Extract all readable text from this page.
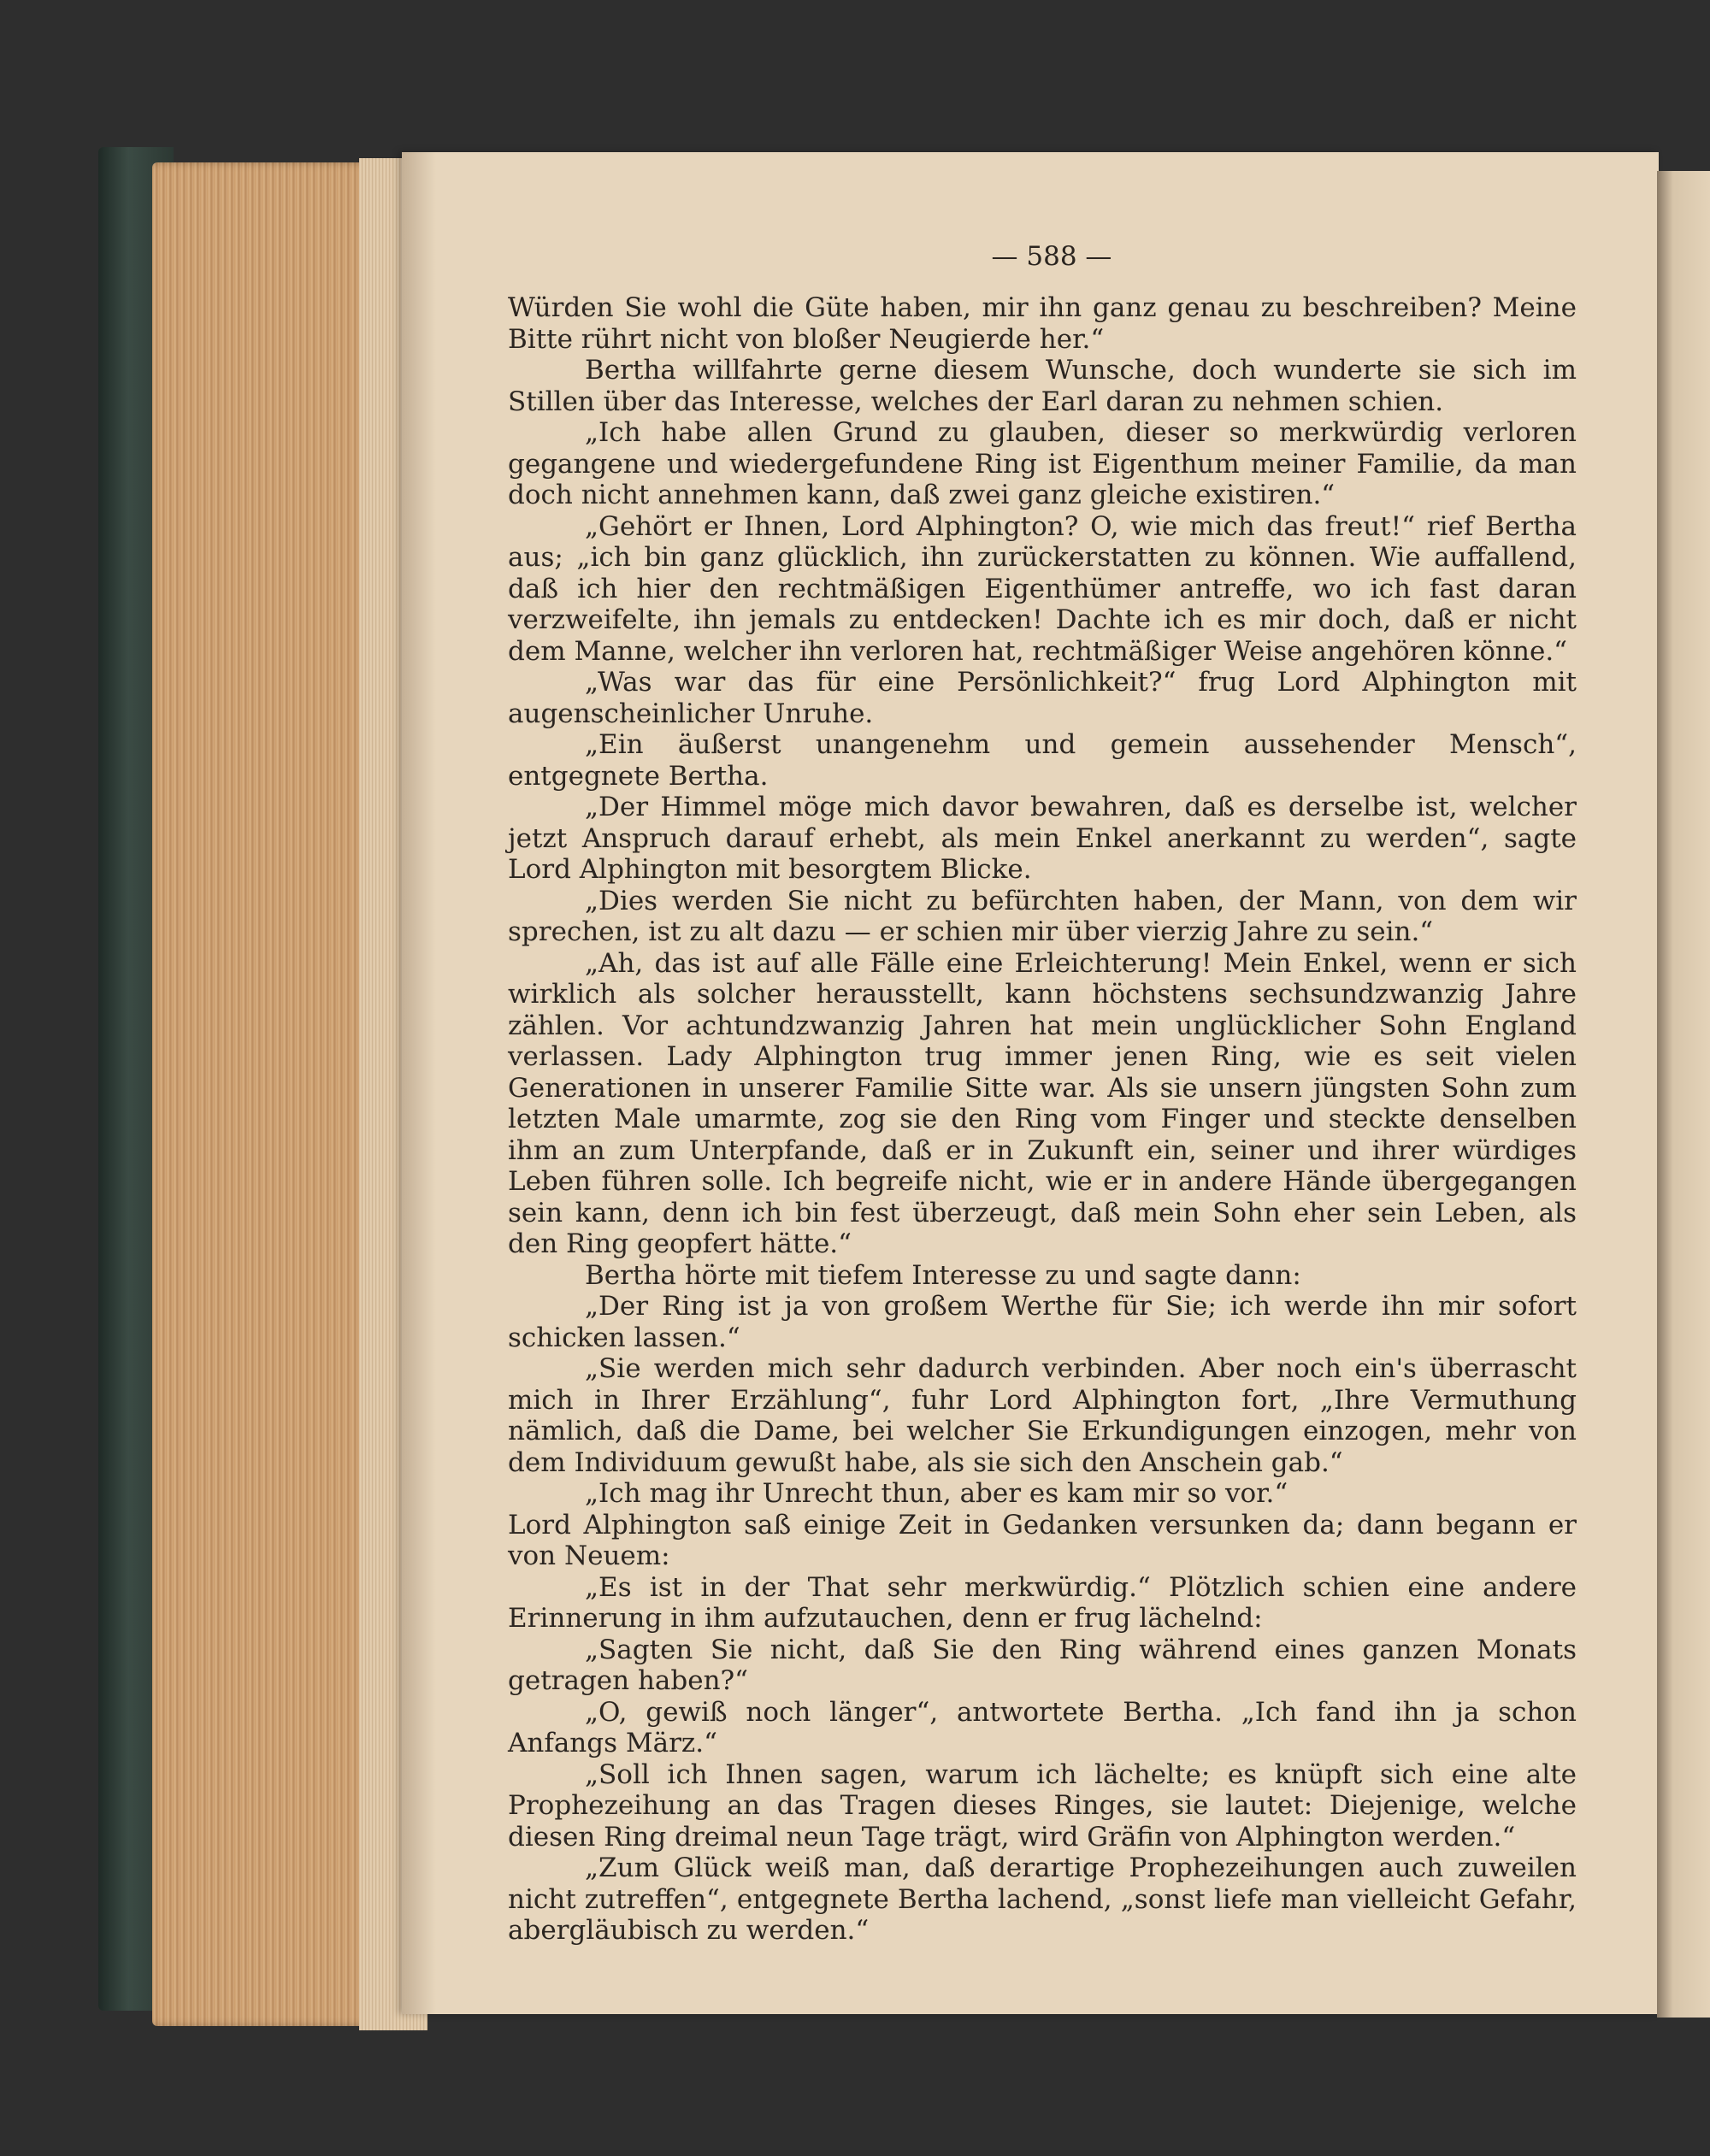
— 588 —

Würden Sie wohl die Güte haben, mir ihn ganz genau zu beschreiben? Meine Bitte rührt nicht von bloßer Neugierde her.“

Bertha willfahrte gerne diesem Wunsche, doch wunderte sie sich im Stillen über das Interesse, welches der Earl daran zu nehmen schien.

„Ich habe allen Grund zu glauben, dieser so merkwürdig verloren gegangene und wiedergefundene Ring ist Eigenthum meiner Familie, da man doch nicht annehmen kann, daß zwei ganz gleiche existiren.“

„Gehört er Ihnen, Lord Alphington? O, wie mich das freut!“ rief Bertha aus; „ich bin ganz glücklich, ihn zurückerstatten zu können. Wie auffallend, daß ich hier den rechtmäßigen Eigenthümer antreffe, wo ich fast daran verzweifelte, ihn jemals zu entdecken! Dachte ich es mir doch, daß er nicht dem Manne, welcher ihn verloren hat, rechtmäßiger Weise angehören könne.“

„Was war das für eine Persönlichkeit?“ frug Lord Alphington mit augenscheinlicher Unruhe.

„Ein äußerst unangenehm und gemein aussehender Mensch“, entgegnete Bertha.

„Der Himmel möge mich davor bewahren, daß es derselbe ist, welcher jetzt Anspruch darauf erhebt, als mein Enkel anerkannt zu werden“, sagte Lord Alphington mit besorgtem Blicke.

„Dies werden Sie nicht zu befürchten haben, der Mann, von dem wir sprechen, ist zu alt dazu — er schien mir über vierzig Jahre zu sein.“

„Ah, das ist auf alle Fälle eine Erleichterung! Mein Enkel, wenn er sich wirklich als solcher herausstellt, kann höchstens sechsundzwanzig Jahre zählen. Vor achtundzwanzig Jahren hat mein unglücklicher Sohn England verlassen. Lady Alphington trug immer jenen Ring, wie es seit vielen Generationen in unserer Familie Sitte war. Als sie unsern jüngsten Sohn zum letzten Male umarmte, zog sie den Ring vom Finger und steckte denselben ihm an zum Unterpfande, daß er in Zukunft ein, seiner und ihrer würdiges Leben führen solle. Ich begreife nicht, wie er in andere Hände übergegangen sein kann, denn ich bin fest überzeugt, daß mein Sohn eher sein Leben, als den Ring geopfert hätte.“

Bertha hörte mit tiefem Interesse zu und sagte dann:

„Der Ring ist ja von großem Werthe für Sie; ich werde ihn mir sofort schicken lassen.“

„Sie werden mich sehr dadurch verbinden. Aber noch ein's überrascht mich in Ihrer Erzählung“, fuhr Lord Alphington fort, „Ihre Vermuthung nämlich, daß die Dame, bei welcher Sie Erkundigungen einzogen, mehr von dem Individuum gewußt habe, als sie sich den Anschein gab.“

„Ich mag ihr Unrecht thun, aber es kam mir so vor.“

Lord Alphington saß einige Zeit in Gedanken versunken da; dann begann er von Neuem:

„Es ist in der That sehr merkwürdig.“ Plötzlich schien eine andere Erinnerung in ihm aufzutauchen, denn er frug lächelnd:

„Sagten Sie nicht, daß Sie den Ring während eines ganzen Monats getragen haben?“

„O, gewiß noch länger“, antwortete Bertha. „Ich fand ihn ja schon Anfangs März.“

„Soll ich Ihnen sagen, warum ich lächelte; es knüpft sich eine alte Prophezeihung an das Tragen dieses Ringes, sie lautet: Diejenige, welche diesen Ring dreimal neun Tage trägt, wird Gräfin von Alphington werden.“

„Zum Glück weiß man, daß derartige Prophezeihungen auch zuweilen nicht zutreffen“, entgegnete Bertha lachend, „sonst liefe man vielleicht Gefahr, abergläubisch zu werden.“
